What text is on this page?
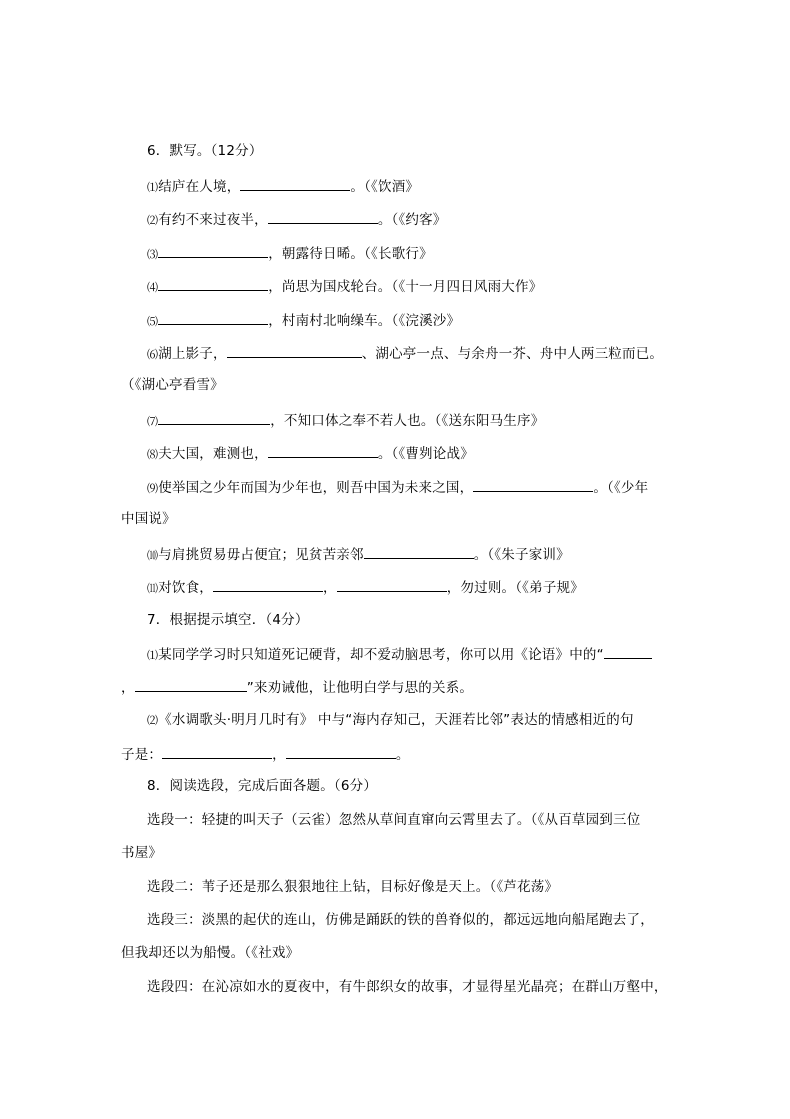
6．默写。（12分）
⑴结庐在人境，	。（《饮酒》
⑵有约不来过夜半，	。（《约客》
⑶	，朝露待日晞。（《长歌行》
⑷	，尚思为国戍轮台。（《十一月四日风雨大作》
⑸	，村南村北响缲车。（《浣溪沙》
⑹湖上影子，	、湖心亭一点、与余舟一芥、舟中人两三粒而已。
（《湖心亭看雪》
⑺	，不知口体之奉不若人也。（《送东阳马生序》
⑻夫大国，难测也，	。（《曹刿论战》
⑼使举国之少年而国为少年也，则吾中国为未来之国，	。（《少年
中国说》
⑽与肩挑贸易毋占便宜；见贫苦亲邻	。（《朱子家训》
⑾对饮食，	，	，勿过则。（《弟子规》
7．根据提示填空．（4分）
⑴某同学学习时只知道死记硬背，却不爱动脑思考，你可以用《论语》中的“
，	”来劝诫他，让他明白学与思的关系。
⑵《水调歌头·明月几时有》 中与“海内存知己，天涯若比邻”表达的情感相近的句
子是：	，	。
8．阅读选段，完成后面各题。（6分）
选段一：轻捷的叫天子（云雀）忽然从草间直窜向云霄里去了。（《从百草园到三位
书屋》
选段二：苇子还是那么狠狠地往上钻，目标好像是天上。（《芦花荡》
选段三：淡黑的起伏的连山，仿佛是踊跃的铁的兽脊似的，都远远地向船尾跑去了，
但我却还以为船慢。（《社戏》
选段四：在沁凉如水的夏夜中，有牛郎织女的故事，才显得星光晶亮；在群山万壑中，
